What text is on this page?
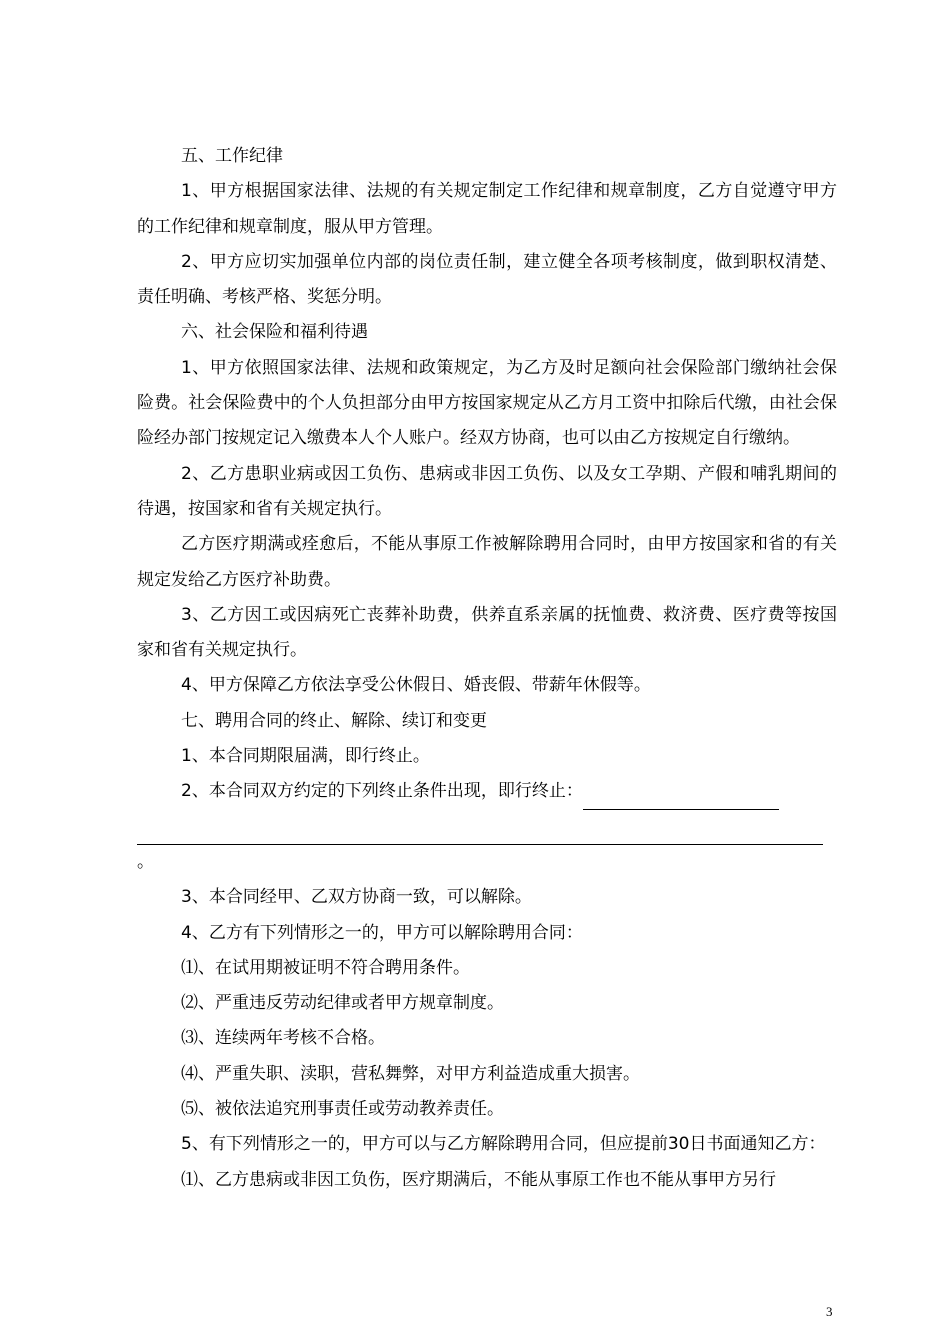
五、工作纪律

1、甲方根据国家法律、法规的有关规定制定工作纪律和规章制度，乙方自觉遵守甲方的工作纪律和规章制度，服从甲方管理。

2、甲方应切实加强单位内部的岗位责任制，建立健全各项考核制度，做到职权清楚、责任明确、考核严格、奖惩分明。

六、社会保险和福利待遇

1、甲方依照国家法律、法规和政策规定，为乙方及时足额向社会保险部门缴纳社会保险费。社会保险费中的个人负担部分由甲方按国家规定从乙方月工资中扣除后代缴，由社会保险经办部门按规定记入缴费本人个人账户。经双方协商，也可以由乙方按规定自行缴纳。

2、乙方患职业病或因工负伤、患病或非因工负伤、以及女工孕期、产假和哺乳期间的待遇，按国家和省有关规定执行。

乙方医疗期满或痊愈后，不能从事原工作被解除聘用合同时，由甲方按国家和省的有关规定发给乙方医疗补助费。

3、乙方因工或因病死亡丧葬补助费，供养直系亲属的抚恤费、救济费、医疗费等按国家和省有关规定执行。

4、甲方保障乙方依法享受公休假日、婚丧假、带薪年休假等。

七、聘用合同的终止、解除、续订和变更

1、本合同期限届满，即行终止。

2、本合同双方约定的下列终止条件出现，即行终止：

。

3、本合同经甲、乙双方协商一致，可以解除。

4、乙方有下列情形之一的，甲方可以解除聘用合同：

⑴、在试用期被证明不符合聘用条件。

⑵、严重违反劳动纪律或者甲方规章制度。

⑶、连续两年考核不合格。

⑷、严重失职、渎职，营私舞弊，对甲方利益造成重大损害。

⑸、被依法追究刑事责任或劳动教养责任。

5、有下列情形之一的，甲方可以与乙方解除聘用合同，但应提前30日书面通知乙方：

⑴、乙方患病或非因工负伤，医疗期满后，不能从事原工作也不能从事甲方另行

3
